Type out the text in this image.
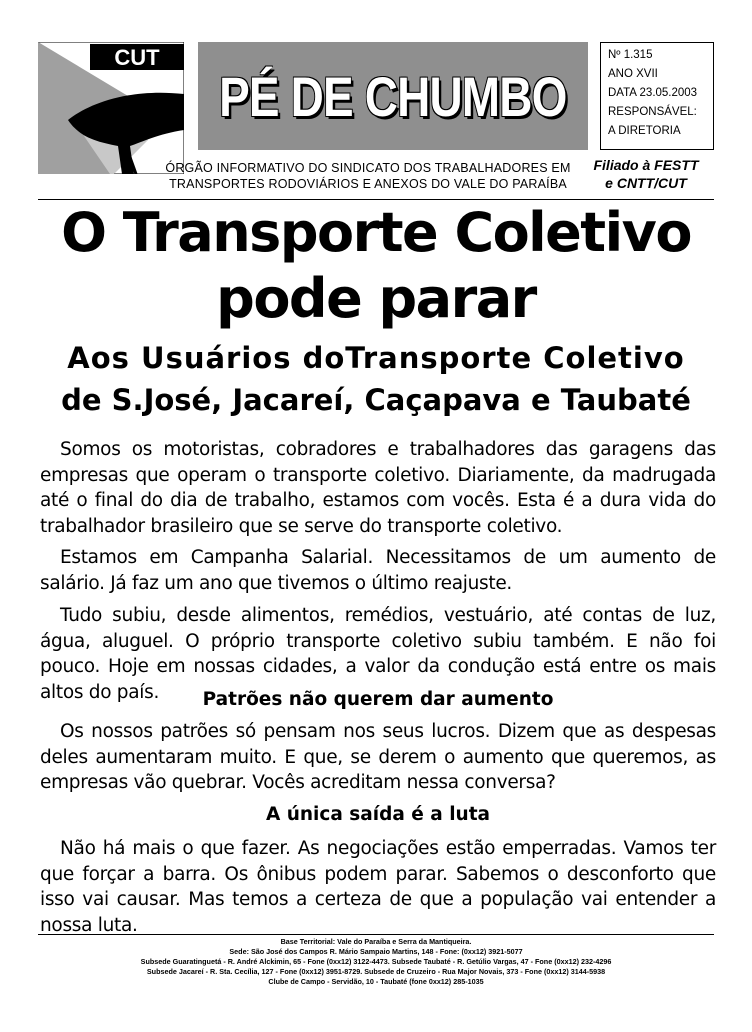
CUT
PÉ DE CHUMBO
Nº 1.315
ANO XVII
DATA 23.05.2003
RESPONSÁVEL:
A DIRETORIA
ÓRGÃO INFORMATIVO DO SINDICATO DOS TRABALHADORES EM
TRANSPORTES RODOVIÁRIOS E ANEXOS DO VALE DO PARAÍBA
Filiado à FESTT
e CNTT/CUT
O Transporte Coletivo
pode parar
Aos Usuários doTransporte Coletivo
de S.José, Jacareí, Caçapava e Taubaté

Somos os motoristas, cobradores e trabalhadores das garagens das empresas que operam o transporte coletivo. Diariamente, da madrugada até o final do dia de trabalho, estamos com vocês. Esta é a dura vida do trabalhador brasileiro que se serve do transporte coletivo.

Estamos em Campanha Salarial. Necessitamos de um aumento de salário. Já faz um ano que tivemos o último reajuste.

Tudo subiu, desde alimentos, remédios, vestuário, até contas de luz, água, aluguel. O próprio transporte coletivo subiu também. E não foi pouco. Hoje em nossas cidades, a valor da condução está entre os mais altos do país.	Patrões não querem dar aumento

Os nossos patrões só pensam nos seus lucros. Dizem que as despesas deles aumentaram muito. E que, se derem o aumento que queremos, as empresas vão quebrar. Vocês acreditam nessa conversa?

A única saída é a luta

Não há mais o que fazer. As negociações estão emperradas. Vamos ter que forçar a barra. Os ônibus podem parar. Sabemos o desconforto que isso vai causar. Mas temos a certeza de que a população vai entender a nossa luta.

Base Territorial: Vale do Paraíba e Serra da Mantiqueira.
Sede: São José dos Campos R. Mário Sampaio Martins, 148 - Fone: (0xx12) 3921-5077
Subsede Guaratinguetá - R. André Alckimin, 65 - Fone (0xx12) 3122-4473. Subsede Taubaté - R. Getúlio Vargas, 47 - Fone (0xx12) 232-4296
Subsede Jacareí - R. Sta. Cecília, 127 - Fone (0xx12) 3951-8729. Subsede de Cruzeiro - Rua Major Novais, 373 - Fone (0xx12) 3144-5938
Clube de Campo - Servidão, 10 - Taubaté (fone 0xx12) 285-1035
